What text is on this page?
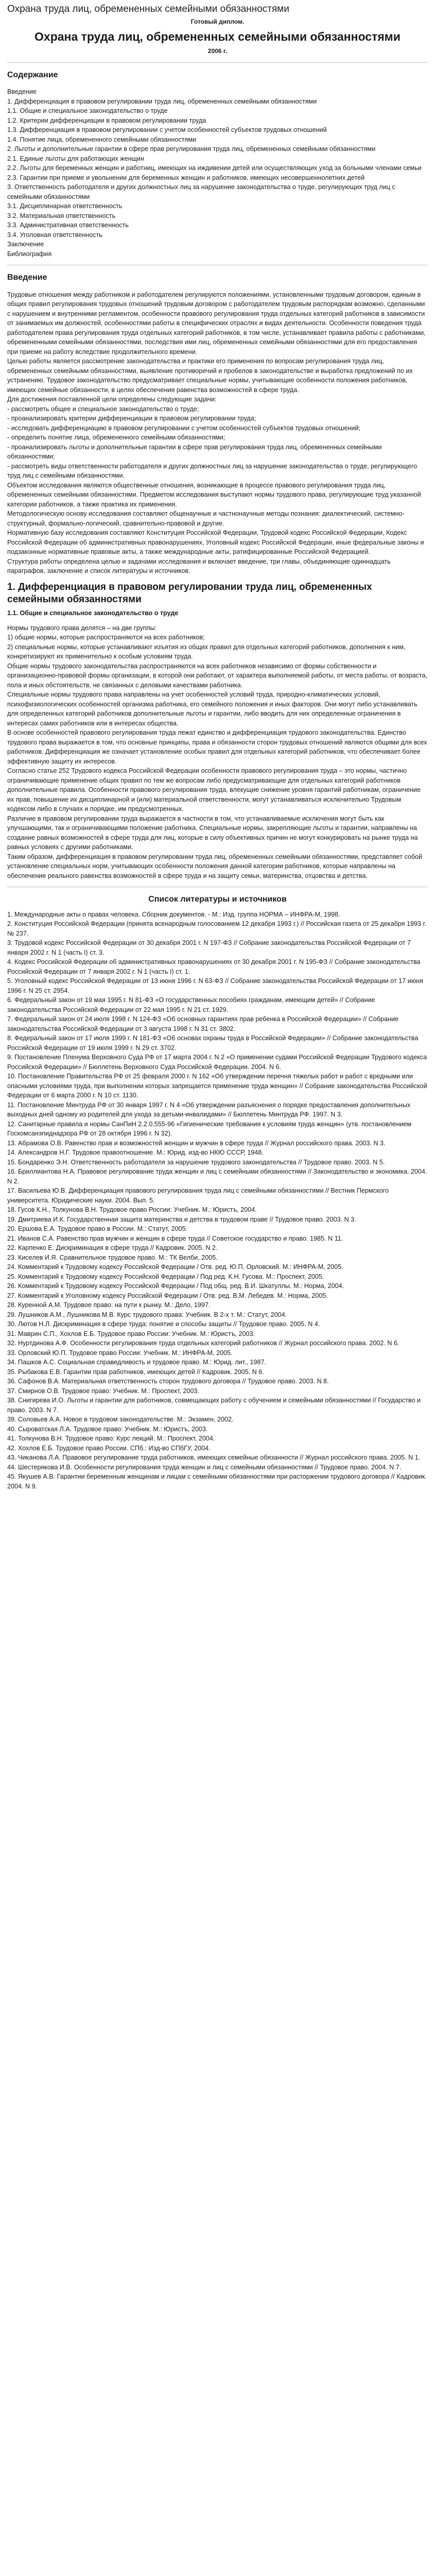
Охрана труда лиц, обремененных семейными обязанностями
Готовый диплом.
Охрана труда лиц, обремененных семейными обязанностями
2006 г.
Содержание
Введение
1. Дифференциация в правовом регулировании труда лиц, обремененных семейными обязанностями
1.1. Общие и специальное законодательство о труде
1.2. Критерии дифференциации в правовом регулировании труда
1.3. Дифференциация в правовом регулировании с учетом особенностей субъектов трудовых отношений
1.4. Понятие лица, обремененного семейными обязанностями
2. Льготы и дополнительные гарантии в сфере прав регулирования труда лиц, обремененных семейными обязанностями
2.1. Единые льготы для работающих женщин
2.2. Льготы для беременных женщин и работниц, имеющих на иждивении детей или осуществляющих уход за больными членами семьи
2.3. Гарантии при приеме и увольнении для беременных женщин и работников, имеющих несовершеннолетних детей
3. Ответственность работодателя и других должностных лиц за нарушение законодательства о труде, регулирующих труд лиц с семейными обязанностями
3.1. Дисциплинарная ответственность
3.2. Материальная ответственность
3.3. Административная ответственность
3.4. Уголовная ответственность
Заключение
Библиография
Введение

Трудовые отношения между работником и работодателем регулируются положениями, установленными трудовым договором, единым в общих правил регулирования трудовых отношений трудовым договором с работодателем трудовым распорядкам возможно, сделанными с нарушением и внутренними регламентом, особенности правового регулирования труда отдельных категорий работников в зависимости от занимаемых им должностей, особенностями работы в специфических отраслях и видах деятельности. Особенности поведения труда работодателем права регулирования труда отдельных категорий работников, в том числе, устанавливает правила работы с работниками, обремененными семейными обязанностями, последствия ими лиц, обремененных семейными обязанностями для его предоставления при приеме на работу вследствие продолжительного времени.

Целью работы является рассмотрение законодательства и практики его применения по вопросам регулирования труда лиц, обремененных семейными обязанностями, выявление противоречий и пробелов в законодательстве и выработка предложений по их устранению. Трудовое законодательство предусматривает специальные нормы, учитывающие особенности положения работников, имеющих семейные обязанности, в целях обеспечения равенства возможностей в сфере труда.

Для достижения поставленной цели определены следующие задачи:

- рассмотреть общее и специальное законодательство о труде;

- проанализировать критерии дифференциации в правовом регулировании труда;

- исследовать дифференциацию в правовом регулировании с учетом особенностей субъектов трудовых отношений;

- определить понятие лица, обремененного семейными обязанностями;

- проанализировать льготы и дополнительные гарантии в сфере прав регулирования труда лиц, обремененных семейными обязанностями;

- рассмотреть виды ответственности работодателя и других должностных лиц за нарушение законодательства о труде, регулирующего труд лиц с семейными обязанностями.

Объектом исследования являются общественные отношения, возникающие в процессе правового регулирования труда лиц, обремененных семейными обязанностями. Предметом исследования выступают нормы трудового права, регулирующие труд указанной категории работников, а также практика их применения.

Методологическую основу исследования составляют общенаучные и частнонаучные методы познания: диалектический, системно-структурный, формально-логический, сравнительно-правовой и другие.

Нормативную базу исследования составляют Конституция Российской Федерации, Трудовой кодекс Российской Федерации, Кодекс Российской Федерации об административных правонарушениях, Уголовный кодекс Российской Федерации, иные федеральные законы и подзаконные нормативные правовые акты, а также международные акты, ратифицированные Российской Федерацией.

Структура работы определена целью и задачами исследования и включает введение, три главы, объединяющие одиннадцать параграфов, заключение и список литературы и источников.

1. Дифференциация в правовом регулировании труда лиц, обремененных семейными обязанностями
1.1. Общие и специальное законодательство о труде

Нормы трудового права делятся – на две группы:

1) общие нормы, которые распространяются на всех работников;

2) специальные нормы, которые устанавливают изъятия из общих правил для отдельных категорий работников, дополнения к ним, конкретизируют их применительно к особым условиям труда.

Общие нормы трудового законодательства распространяются на всех работников независимо от формы собственности и организационно-правовой формы организации, в которой они работают, от характера выполняемой работы, от места работы, от возраста, пола и иных обстоятельств, не связанных с деловыми качествами работника.

Специальные нормы трудового права направлены на учет особенностей условий труда, природно-климатических условий, психофизиологических особенностей организма работника, его семейного положения и иных факторов. Они могут либо устанавливать для определенных категорий работников дополнительные льготы и гарантии, либо вводить для них определенные ограничения в интересах самих работников или в интересах общества.

В основе особенностей правового регулирования труда лежат единство и дифференциация трудового законодательства. Единство трудового права выражается в том, что основные принципы, права и обязанности сторон трудовых отношений являются общими для всех работников. Дифференциация же означает установление особых правил для отдельных категорий работников, что обеспечивает более эффективную защиту их интересов.

Согласно статье 252 Трудового кодекса Российской Федерации особенности правового регулирования труда – это нормы, частично ограничивающие применение общих правил по тем же вопросам либо предусматривающие для отдельных категорий работников дополнительные правила. Особенности правового регулирования труда, влекущие снижение уровня гарантий работникам, ограничение их прав, повышение их дисциплинарной и (или) материальной ответственности, могут устанавливаться исключительно Трудовым кодексом либо в случаях и порядке, им предусмотренных.

Различие в правовом регулировании труда выражается в частности в том, что устанавливаемые исключения могут быть как улучшающими, так и ограничивающими положение работника. Специальные нормы, закрепляющие льготы и гарантии, направлены на создание равных возможностей в сфере труда для лиц, которые в силу объективных причин не могут конкурировать на рынке труда на равных условиях с другими работниками.

Таким образом, дифференциация в правовом регулировании труда лиц, обремененных семейными обязанностями, представляет собой установление специальных норм, учитывающих особенности положения данной категории работников, которые направлены на обеспечение реального равенства возможностей в сфере труда и на защиту семьи, материнства, отцовства и детства.

Список литературы и источников
1. Международные акты о правах человека. Сборник документов. - М.: Изд. группа НОРМА – ИНФРА-М, 1998.
2. Конституция Российской Федерации (принята всенародным голосованием 12 декабря 1993 г.) // Российская газета от 25 декабря 1993 г. № 237.
3. Трудовой кодекс Российской Федерации от 30 декабря 2001 г. N 197-ФЗ // Собрание законодательства Российской Федерации от 7 января 2002 г. N 1 (часть I) ст. 3.
4. Кодекс Российской Федерации об административных правонарушениях от 30 декабря 2001 г. N 195-ФЗ // Собрание законодательства Российской Федерации от 7 января 2002 г. N 1 (часть I) ст. 1.
5. Уголовный кодекс Российской Федерации от 13 июня 1996 г. N 63-ФЗ // Собрание законодательства Российской Федерации от 17 июня 1996 г. N 25 ст. 2954.
6. Федеральный закон от 19 мая 1995 г. N 81-ФЗ «О государственных пособиях гражданам, имеющим детей» // Собрание законодательства Российской Федерации от 22 мая 1995 г. N 21 ст. 1929.
7. Федеральный закон от 24 июля 1998 г. N 124-ФЗ «Об основных гарантиях прав ребенка в Российской Федерации» // Собрание законодательства Российской Федерации от 3 августа 1998 г. N 31 ст. 3802.
8. Федеральный закон от 17 июля 1999 г. N 181-ФЗ «Об основах охраны труда в Российской Федерации» // Собрание законодательства Российской Федерации от 19 июля 1999 г. N 29 ст. 3702.
9. Постановление Пленума Верховного Суда РФ от 17 марта 2004 г. N 2 «О применении судами Российской Федерации Трудового кодекса Российской Федерации» // Бюллетень Верховного Суда Российской Федерации. 2004. N 6.
10. Постановление Правительства РФ от 25 февраля 2000 г. N 162 «Об утверждении перечня тяжелых работ и работ с вредными или опасными условиями труда, при выполнении которых запрещается применение труда женщин» // Собрание законодательства Российской Федерации от 6 марта 2000 г. N 10 ст. 1130.
11. Постановление Минтруда РФ от 30 января 1997 г. N 4 «Об утверждении разъяснения о порядке предоставления дополнительных выходных дней одному из родителей для ухода за детьми-инвалидами» // Бюллетень Минтруда РФ. 1997. N 3.
12. Санитарные правила и нормы СанПиН 2.2.0.555-96 «Гигиенические требования к условиям труда женщин» (утв. постановлением Госкомсанэпиднадзора РФ от 28 октября 1996 г. N 32).
13. Абрамова О.В. Равенство прав и возможностей женщин и мужчин в сфере труда // Журнал российского права. 2003. N 3.
14. Александров Н.Г. Трудовое правоотношение. М.: Юрид. изд-во НКЮ СССР, 1948.
15. Бондаренко Э.Н. Ответственность работодателя за нарушение трудового законодательства // Трудовое право. 2003. N 5.
16. Бриллиантова Н.А. Правовое регулирование труда женщин и лиц с семейными обязанностями // Законодательство и экономика. 2004. N 2.
17. Васильева Ю.В. Дифференциация правового регулирования труда лиц с семейными обязанностями // Вестник Пермского университета. Юридические науки. 2004. Вып. 5.
18. Гусов К.Н., Толкунова В.Н. Трудовое право России: Учебник. М.: Юристъ, 2004.
19. Дмитриева И.К. Государственная защита материнства и детства в трудовом праве // Трудовое право. 2003. N 3.
20. Ершова Е.А. Трудовое право в России. М.: Статут, 2005.
21. Иванов С.А. Равенство прав мужчин и женщин в сфере труда // Советское государство и право. 1985. N 11.
22. Карпенко Е. Дискриминация в сфере труда // Кадровик. 2005. N 2.
23. Киселев И.Я. Сравнительное трудовое право. М.: ТК Велби, 2005.
24. Комментарий к Трудовому кодексу Российской Федерации / Отв. ред. Ю.П. Орловский. М.: ИНФРА-М, 2005.
25. Комментарий к Трудовому кодексу Российской Федерации / Под ред. К.Н. Гусова. М.: Проспект, 2005.
26. Комментарий к Трудовому кодексу Российской Федерации / Под общ. ред. В.И. Шкатуллы. М.: Норма, 2004.
27. Комментарий к Уголовному кодексу Российской Федерации / Отв. ред. В.М. Лебедев. М.: Норма, 2005.
28. Куренной А.М. Трудовое право: на пути к рынку. М.: Дело, 1997.
29. Лушников А.М., Лушникова М.В. Курс трудового права: Учебник. В 2-х т. М.: Статут, 2004.
30. Лютов Н.Л. Дискриминация в сфере труда: понятие и способы защиты // Трудовое право. 2005. N 4.
31. Маврин С.П., Хохлов Е.Б. Трудовое право России: Учебник. М.: Юристъ, 2003.
32. Нуртдинова А.Ф. Особенности регулирования труда отдельных категорий работников // Журнал российского права. 2002. N 6.
33. Орловский Ю.П. Трудовое право России: Учебник. М.: ИНФРА-М, 2005.
34. Пашков А.С. Социальная справедливость и трудовое право. М.: Юрид. лит., 1987.
35. Рыбакова Е.В. Гарантии прав работников, имеющих детей // Кадровик. 2005. N 6.
36. Сафонов В.А. Материальная ответственность сторон трудового договора // Трудовое право. 2003. N 8.
37. Смирнов О.В. Трудовое право: Учебник. М.: Проспект, 2003.
38. Снигирева И.О. Льготы и гарантии для работников, совмещающих работу с обучением и семейными обязанностями // Государство и право. 2003. N 7.
39. Соловьев А.А. Новое в трудовом законодательстве. М.: Экзамен, 2002.
40. Сыроватская Л.А. Трудовое право: Учебник. М.: Юристъ, 2003.
41. Толкунова В.Н. Трудовое право: Курс лекций. М.: Проспект, 2004.
42. Хохлов Е.Б. Трудовое право России. СПб.: Изд-во СПбГУ, 2004.
43. Чиканова Л.А. Правовое регулирование труда работников, имеющих семейные обязанности // Журнал российского права. 2005. N 1.
44. Шестерякова И.В. Особенности регулирования труда женщин и лиц с семейными обязанностями // Трудовое право. 2004. N 7.
45. Якушев А.В. Гарантии беременным женщинам и лицам с семейными обязанностями при расторжении трудового договора // Кадровик. 2004. N 9.
